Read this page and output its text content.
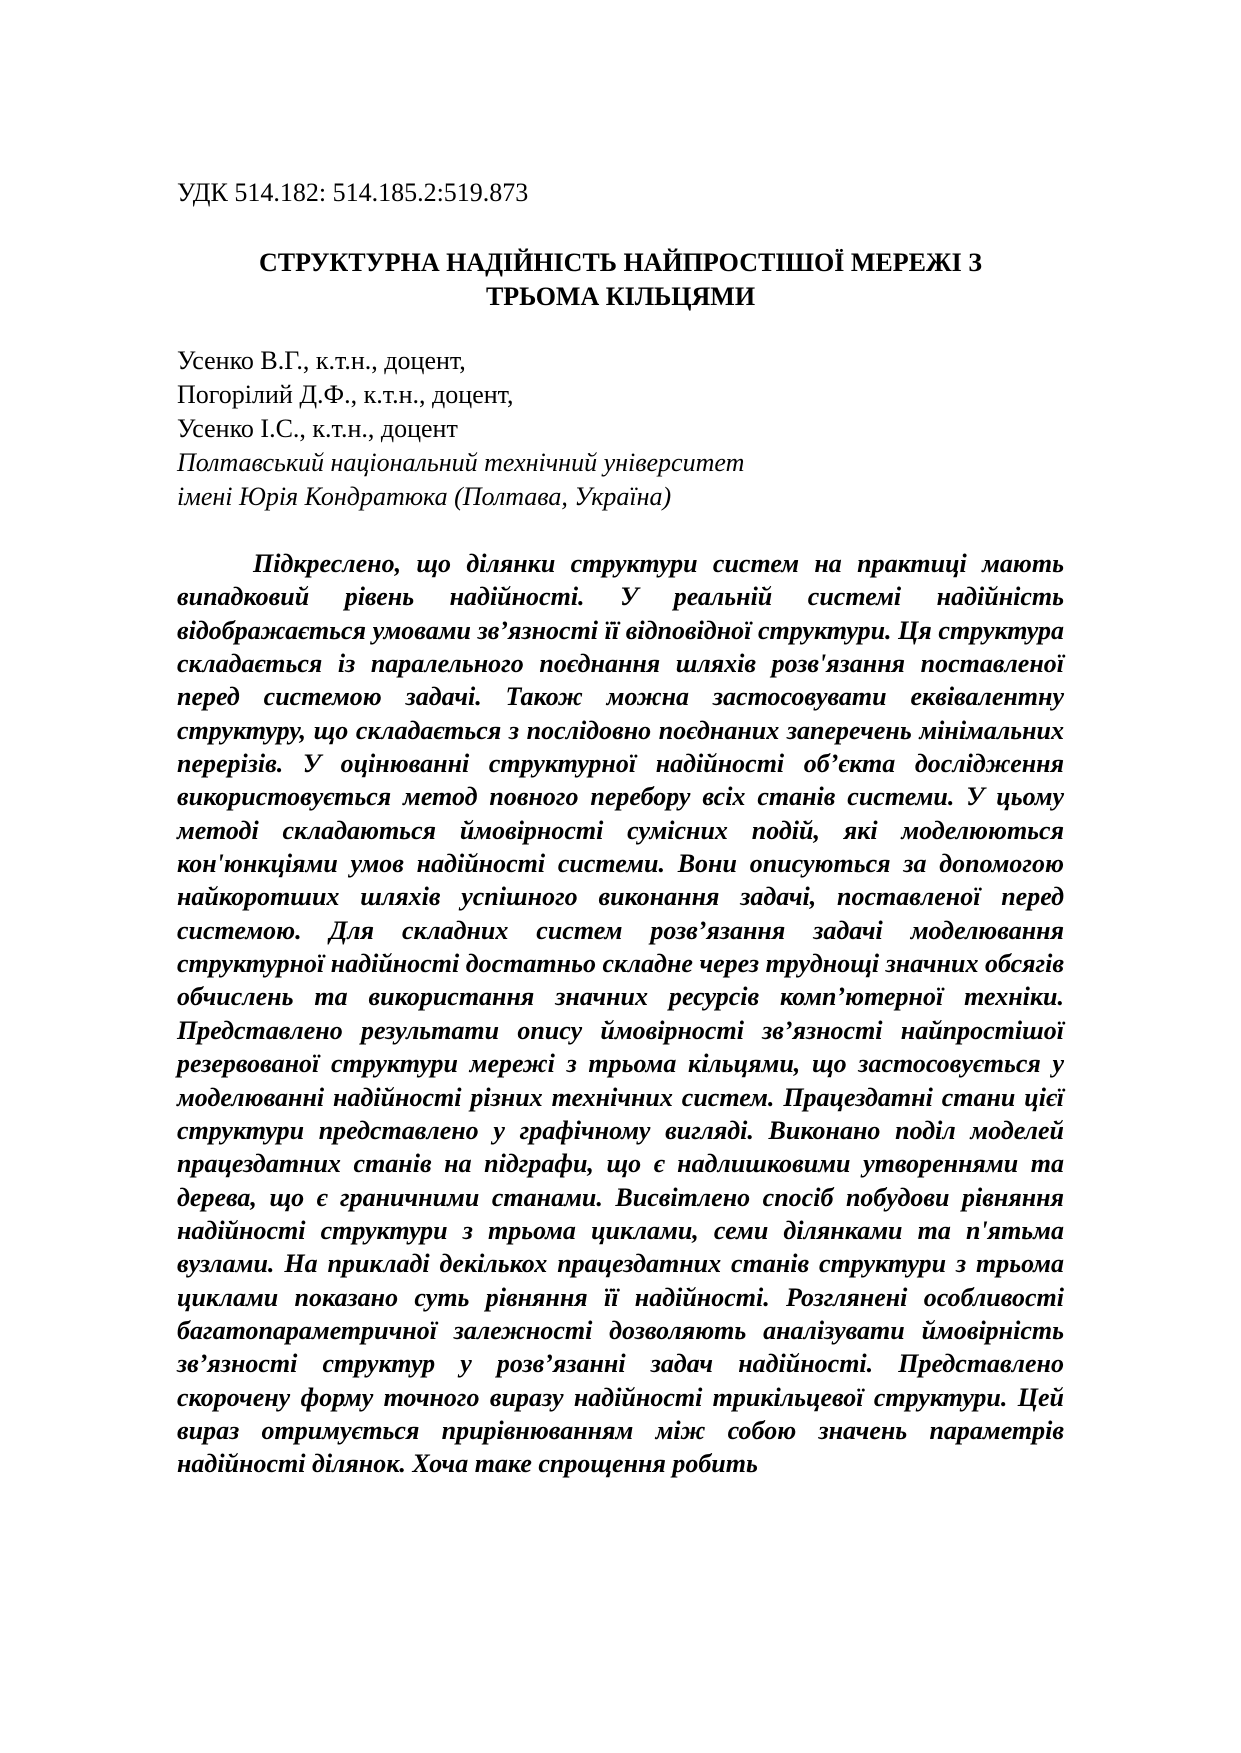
УДК 514.182: 514.185.2:519.873
СТРУКТУРНА НАДІЙНІСТЬ НАЙПРОСТІШОЇ МЕРЕЖІ З
ТРЬОМА КІЛЬЦЯМИ
Усенко В.Г., к.т.н., доцент,
Погорілий Д.Ф., к.т.н., доцент,
Усенко І.С., к.т.н., доцент
Полтавський національний технічний університет
імені Юрія Кондратюка (Полтава, Україна)
Підкреслено, що ділянки структури систем на практиці мають випадковий рівень надійності. У реальній системі надійність відображається умовами зв’язності її відповідної структури. Ця структура складається із паралельного поєднання шляхів розв'язання поставленої перед системою задачі. Також можна застосовувати еквівалентну структуру, що складається з послідовно поєднаних заперечень мінімальних перерізів. У оцінюванні структурної надійності об’єкта дослідження використовується метод повного перебору всіх станів системи. У цьому методі складаються ймовірності сумісних подій, які моделюються кон'юнкціями умов надійності системи. Вони описуються за допомогою найкоротших шляхів успішного виконання задачі, поставленої перед системою. Для складних систем розв’язання задачі моделювання структурної надійності достатньо складне через труднощі значних обсягів обчислень та використання значних ресурсів комп’ютерної техніки. Представлено результати опису ймовірності зв’язності найпростішої резервованої структури мережі з трьома кільцями, що застосовується у моделюванні надійності різних технічних систем. Працездатні стани цієї структури представлено у графічному вигляді. Виконано поділ моделей працездатних станів на підграфи, що є надлишковими утвореннями та дерева, що є граничними станами. Висвітлено спосіб побудови рівняння надійності структури з трьома циклами, семи ділянками та п'ятьма вузлами. На прикладі декількох працездатних станів структури з трьома циклами показано суть рівняння її надійності. Розглянені особливості багатопараметричної залежності дозволяють аналізувати ймовірність зв’язності структур у розв’язанні задач надійності. Представлено скорочену форму точного виразу надійності трикільцевої структури. Цей вираз отримується прирівнюванням між собою значень параметрів надійності ділянок. Хоча таке спрощення робить
